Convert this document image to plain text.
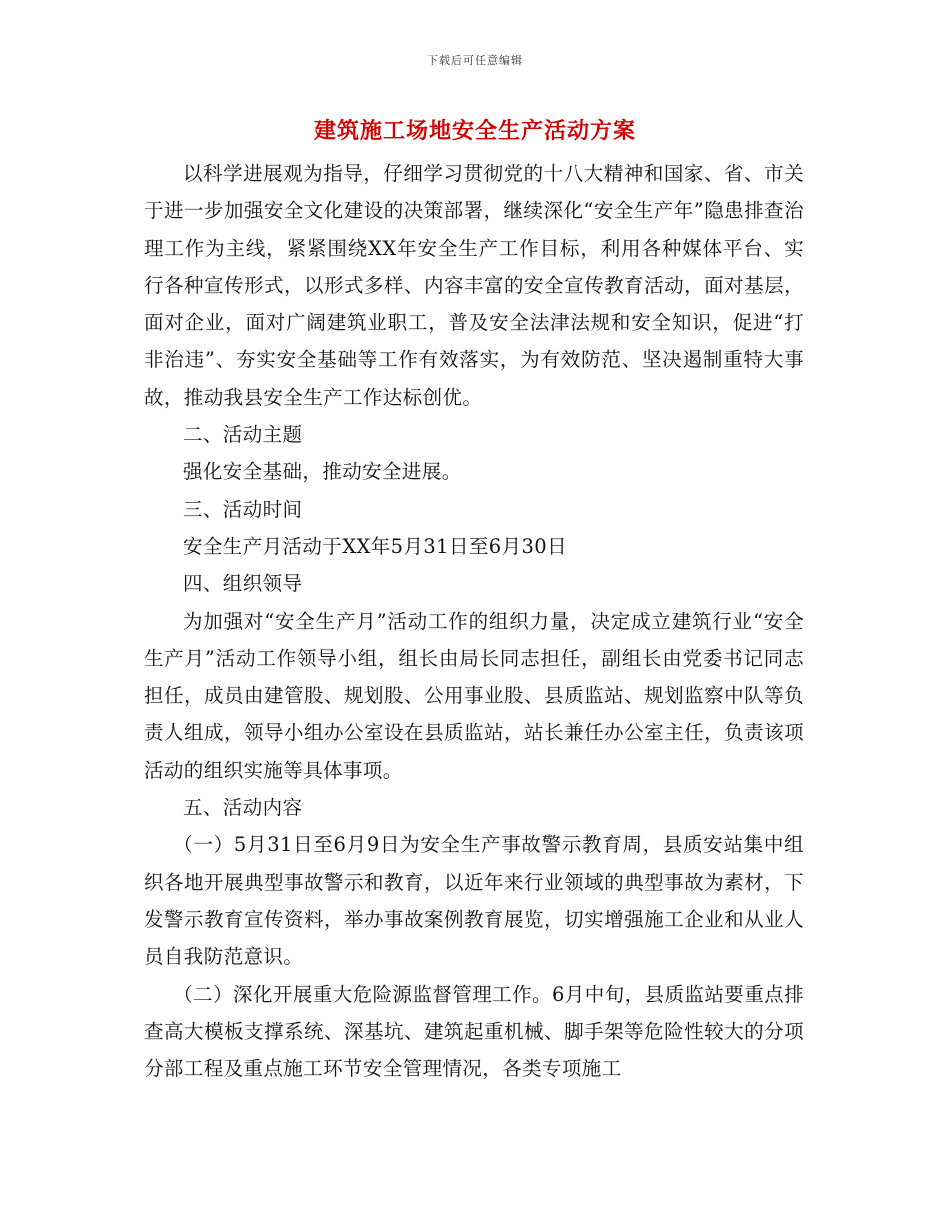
下载后可任意编辑
建筑施工场地安全生产活动方案

以科学进展观为指导，仔细学习贯彻党的十八大精神和国家、省、市关于进一步加强安全文化建设的决策部署，继续深化“安全生产年”隐患排查治理工作为主线，紧紧围绕XX年安全生产工作目标，利用各种媒体平台、实行各种宣传形式，以形式多样、内容丰富的安全宣传教育活动，面对基层，面对企业，面对广阔建筑业职工，普及安全法津法规和安全知识，促进“打非治违”、夯实安全基础等工作有效落实，为有效防范、坚决遏制重特大事故，推动我县安全生产工作达标创优。

二、活动主题

强化安全基础，推动安全进展。

三、活动时间

安全生产月活动于XX年5月31日至6月30日

四、组织领导

为加强对“安全生产月”活动工作的组织力量，决定成立建筑行业“安全生产月”活动工作领导小组，组长由局长同志担任，副组长由党委书记同志担任，成员由建管股、规划股、公用事业股、县质监站、规划监察中队等负责人组成，领导小组办公室设在县质监站，站长兼任办公室主任，负责该项活动的组织实施等具体事项。

五、活动内容

（一）5月31日至6月9日为安全生产事故警示教育周，县质安站集中组织各地开展典型事故警示和教育，以近年来行业领域的典型事故为素材，下发警示教育宣传资料，举办事故案例教育展览，切实增强施工企业和从业人员自我防范意识。

（二）深化开展重大危险源监督管理工作。6月中旬，县质监站要重点排查高大模板支撑系统、深基坑、建筑起重机械、脚手架等危险性较大的分项分部工程及重点施工环节安全管理情况，各类专项施工
